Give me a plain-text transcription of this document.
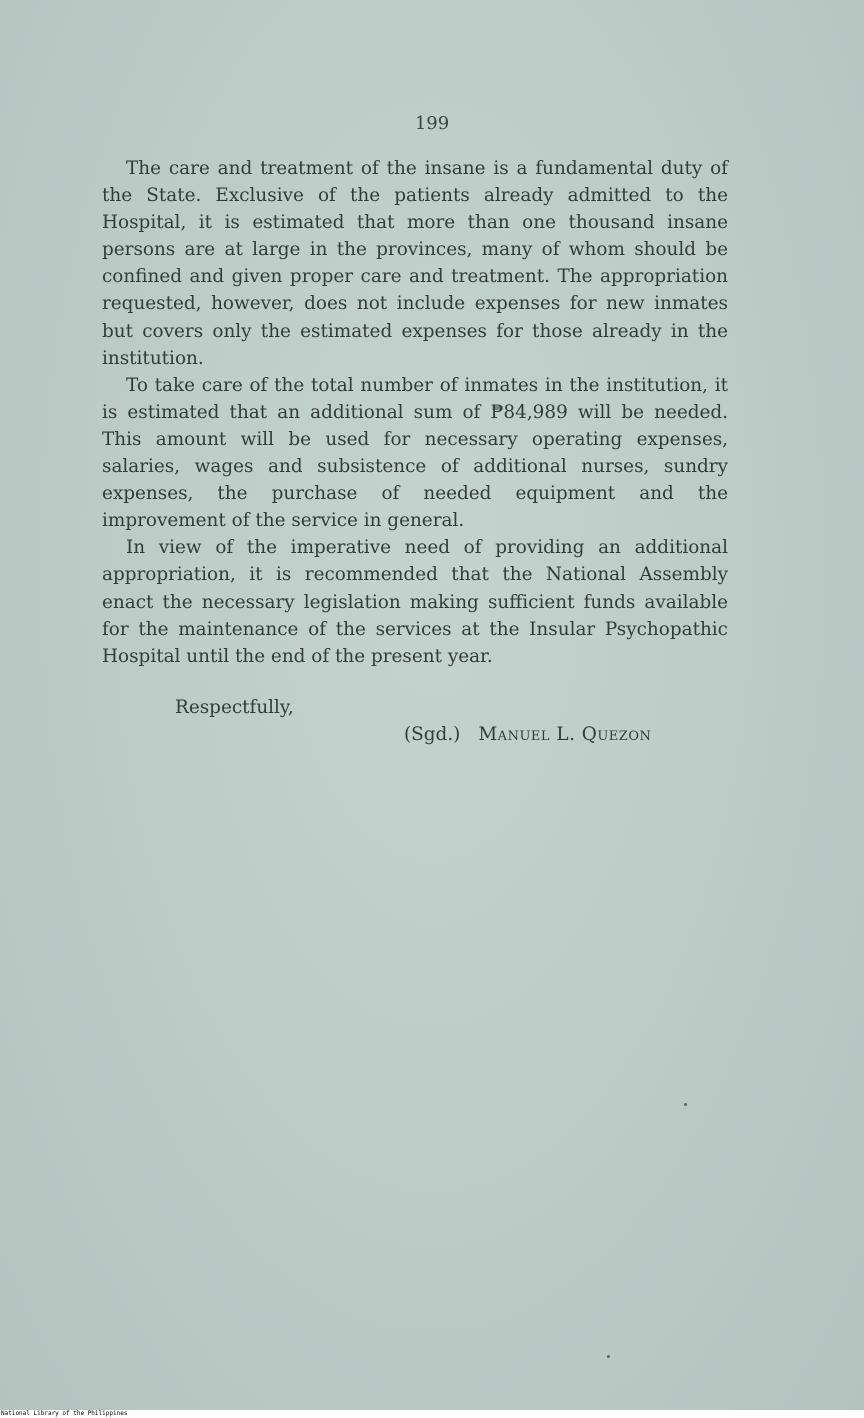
199

The care and treatment of the insane is a fundamental duty of the State. Exclusive of the patients already admitted to the Hospital, it is estimated that more than one thousand insane persons are at large in the provinces, many of whom should be confined and given proper care and treatment. The appropriation requested, however, does not include expenses for new inmates but covers only the estimated expenses for those already in the institution.

To take care of the total number of inmates in the institution, it is estimated that an additional sum of ₱84,989 will be needed. This amount will be used for necessary operating expenses, salaries, wages and subsistence of additional nurses, sundry expenses, the purchase of needed equipment and the improvement of the service in general.

In view of the imperative need of providing an additional appropriation, it is recommended that the National Assembly enact the necessary legislation making sufficient funds available for the maintenance of the services at the Insular Psychopathic Hospital until the end of the present year.

Respectfully,

(Sgd.) Manuel L. Quezon

National Library of the Philippines
